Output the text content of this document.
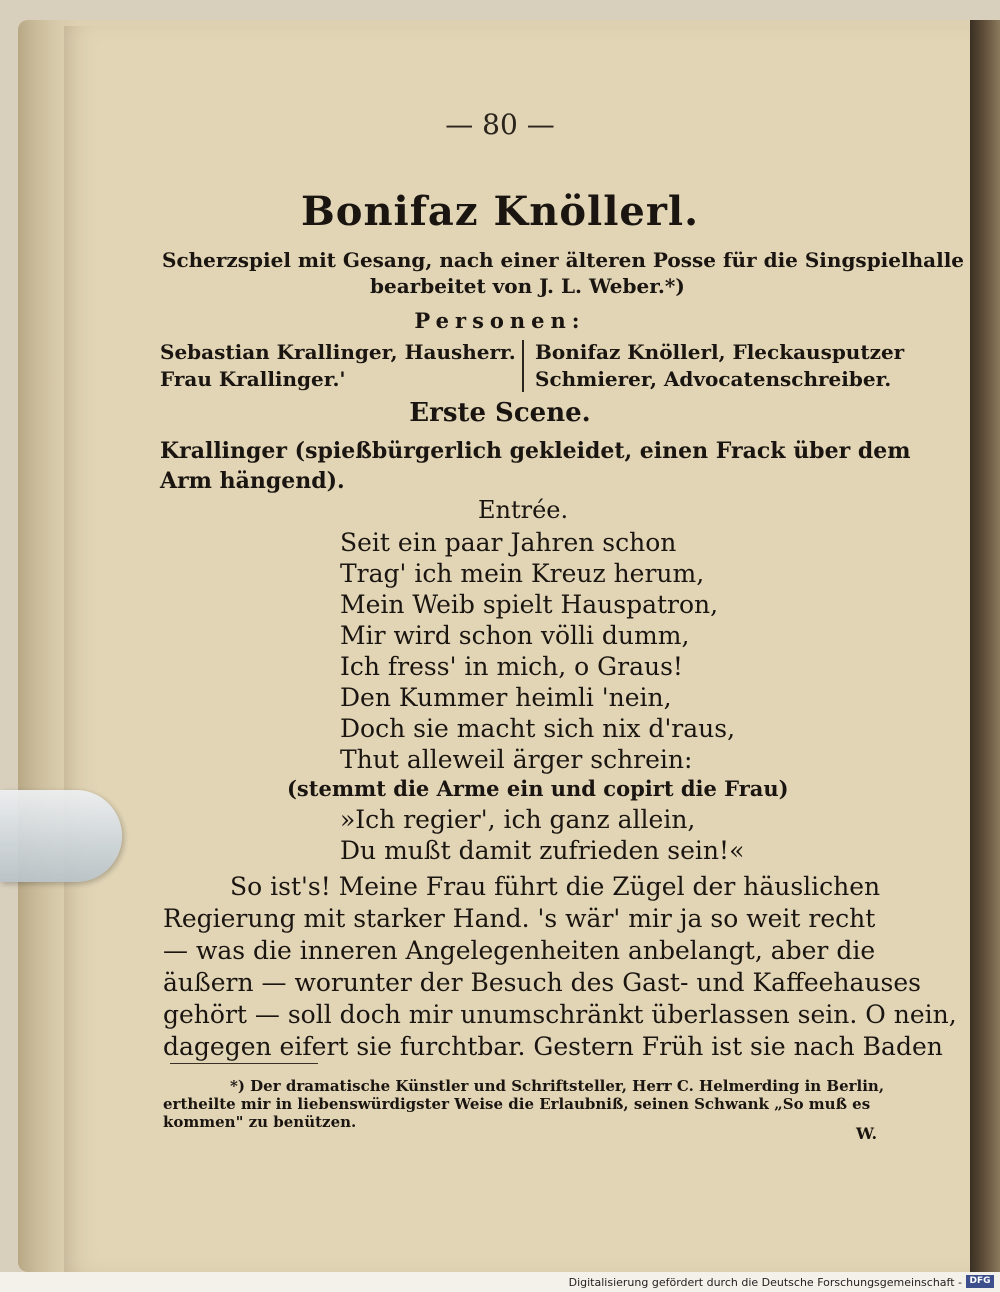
— 80 —
Bonifaz Knöllerl.
Scherzspiel mit Gesang, nach einer älteren Posse für die Singspielhalle
bearbeitet von J. L. Weber.*)
Personen:
Sebastian Krallinger, Hausherr.
Frau Krallinger.'
Bonifaz Knöllerl, Fleckausputzer
Schmierer, Advocatenschreiber.
Erste Scene.
Krallinger (spießbürgerlich gekleidet, einen Frack über dem
Arm hängend).
Entrée.
Seit ein paar Jahren schon
Trag' ich mein Kreuz herum,
Mein Weib spielt Hauspatron,
Mir wird schon völli dumm,
Ich fress' in mich, o Graus!
Den Kummer heimli 'nein,
Doch sie macht sich nix d'raus,
Thut alleweil ärger schrein:
(stemmt die Arme ein und copirt die Frau)
»Ich regier', ich ganz allein,
Du mußt damit zufrieden sein!«
So ist's! Meine Frau führt die Zügel der häuslichen
Regierung mit starker Hand. 's wär' mir ja so weit recht
— was die inneren Angelegenheiten anbelangt, aber die
äußern — worunter der Besuch des Gast- und Kaffeehauses
gehört — soll doch mir unumschränkt überlassen sein. O nein,
dagegen eifert sie furchtbar. Gestern Früh ist sie nach Baden
*) Der dramatische Künstler und Schriftsteller, Herr C. Helmerding in Berlin,
ertheilte mir in liebenswürdigster Weise die Erlaubniß, seinen Schwank „So muß es
kommen" zu benützen.
W.
Digitalisierung gefördert durch die Deutsche Forschungsgemeinschaft - DFG
